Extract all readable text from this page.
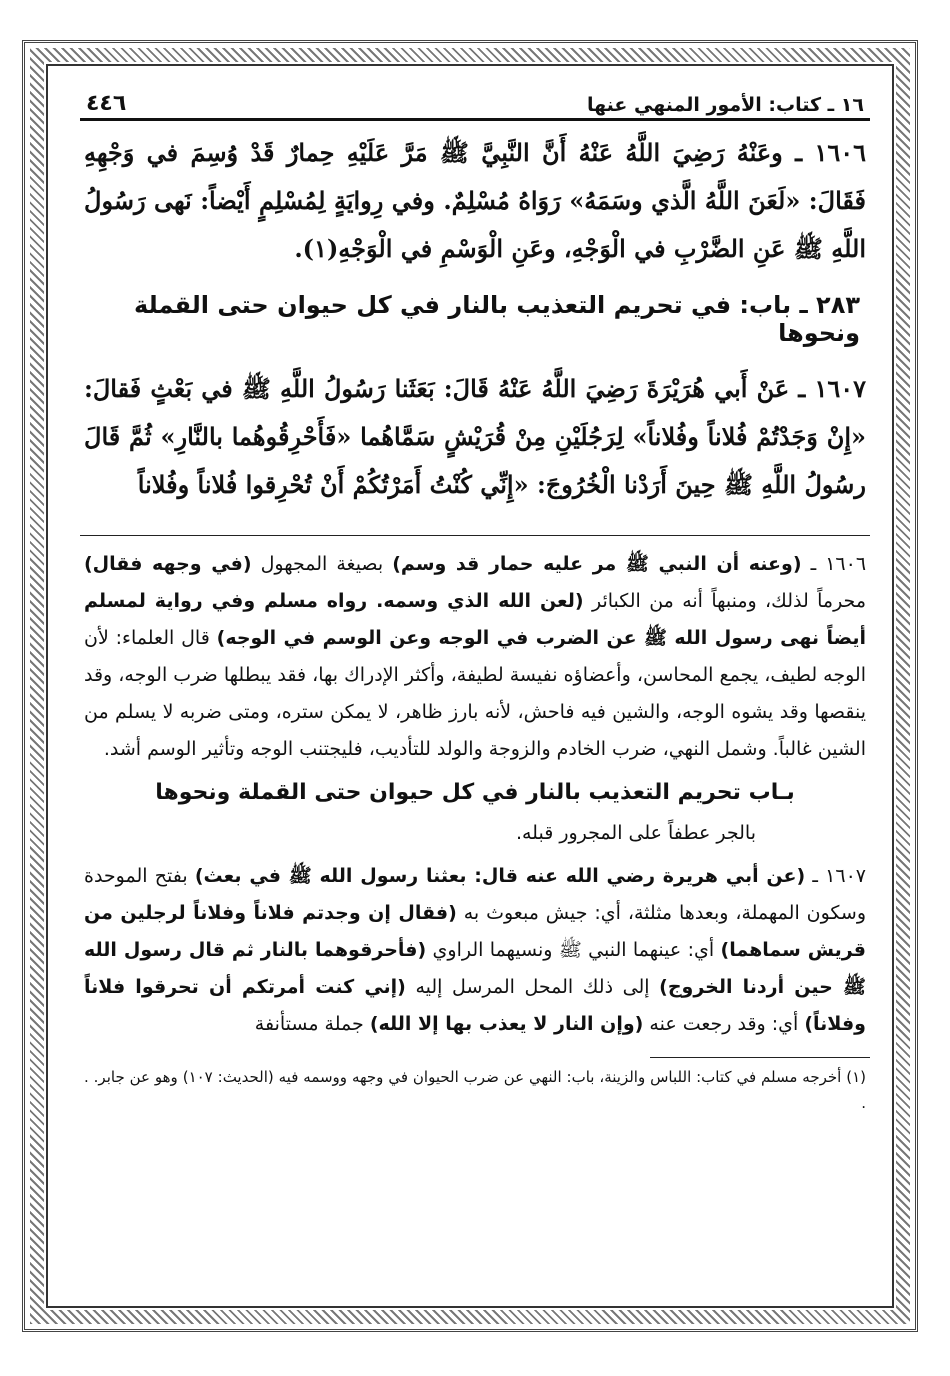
١٦ ـ كتاب: الأمور المنهي عنها
٤٤٦
١٦٠٦ ـ وعَنْهُ رَضِيَ اللَّهُ عَنْهُ أَنَّ النَّبِيَّ ﷺ مَرَّ عَلَيْهِ حِمارٌ قَدْ وُسِمَ في وَجْهِهِ فَقَالَ: «لَعَنَ اللَّهُ الَّذي وسَمَهُ» رَوَاهُ مُسْلِمٌ. وفي رِوايَةٍ لِمُسْلِمٍ أَيْضاً: نَهى رَسُولُ اللَّهِ ﷺ عَنِ الضَّرْبِ في الْوَجْهِ، وعَنِ الْوَسْمِ في الْوَجْهِ(١).
٢٨٣ ـ باب: في تحريم التعذيب بالنار في كل حيوان حتى القملة ونحوها
١٦٠٧ ـ عَنْ أَبي هُرَيْرَةَ رَضِيَ اللَّهُ عَنْهُ قَالَ: بَعَثَنا رَسُولُ اللَّهِ ﷺ في بَعْثٍ فَقالَ: «إِنْ وَجَدْتُمْ فُلاناً وفُلاناً» لِرَجُلَيْنِ مِنْ قُرَيْشٍ سَمَّاهُما «فَأَحْرِقُوهُما بالنَّارِ» ثُمَّ قَالَ رسُولُ اللَّهِ ﷺ حِينَ أَرَدْنا الْخُرُوجَ: «إِنِّي كُنْتُ أَمَرْتُكُمْ أَنْ تُحْرِقوا فُلاناً وفُلاناً
١٦٠٦ ـ (وعنه أن النبي ﷺ مر عليه حمار قد وسم) بصيغة المجهول (في وجهه فقال) محرماً لذلك، ومنبهاً أنه من الكبائر (لعن الله الذي وسمه. رواه مسلم وفي رواية لمسلم أيضاً نهى رسول الله ﷺ عن الضرب في الوجه وعن الوسم في الوجه) قال العلماء: لأن الوجه لطيف، يجمع المحاسن، وأعضاؤه نفيسة لطيفة، وأكثر الإدراك بها، فقد يبطلها ضرب الوجه، وقد ينقصها وقد يشوه الوجه، والشين فيه فاحش، لأنه بارز ظاهر، لا يمكن ستره، ومتى ضربه لا يسلم من الشين غالباً. وشمل النهي، ضرب الخادم والزوجة والولد للتأديب، فليجتنب الوجه وتأثير الوسم أشد.
بـاب تحريم التعذيب بالنار في كل حيوان حتى القملة ونحوها
بالجر عطفاً على المجرور قبله.
١٦٠٧ ـ (عن أبي هريرة رضي الله عنه قال: بعثنا رسول الله ﷺ في بعث) بفتح الموحدة وسكون المهملة، وبعدها مثلثة، أي: جيش مبعوث به (فقال إن وجدتم فلاناً وفلاناً لرجلين من قريش سماهما) أي: عينهما النبي ﷺ ونسيهما الراوي (فأحرقوهما بالنار ثم قال رسول الله ﷺ حين أردنا الخروج) إلى ذلك المحل المرسل إليه (إني كنت أمرتكم أن تحرقوا فلاناً وفلاناً) أي: وقد رجعت عنه (وإن النار لا يعذب بها إلا الله) جملة مستأنفة
(١) أخرجه مسلم في كتاب: اللباس والزينة، باب: النهي عن ضرب الحيوان في وجهه ووسمه فيه (الحديث: ١٠٧) وهو عن جابر. . .
